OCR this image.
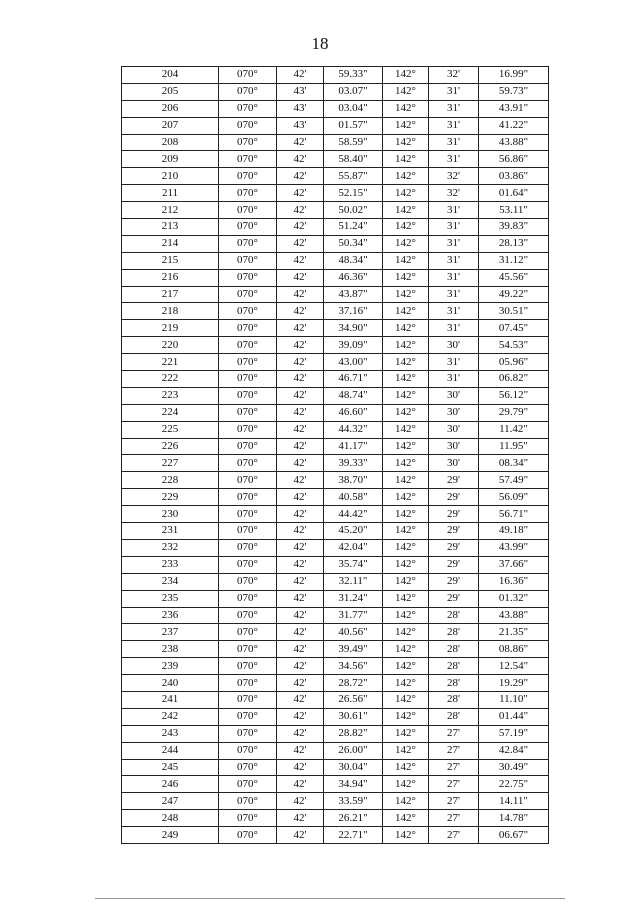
18
204	070°	42'	59.33"	142°	32'	16.99"
205	070°	43'	03.07"	142°	31'	59.73"
206	070°	43'	03.04"	142°	31'	43.91"
207	070°	43'	01.57"	142°	31'	41.22"
208	070°	42'	58.59"	142°	31'	43.88"
209	070°	42'	58.40"	142°	31'	56.86"
210	070°	42'	55.87"	142°	32'	03.86"
211	070°	42'	52.15"	142°	32'	01.64"
212	070°	42'	50.02"	142°	31'	53.11"
213	070°	42'	51.24"	142°	31'	39.83"
214	070°	42'	50.34"	142°	31'	28.13"
215	070°	42'	48.34"	142°	31'	31.12"
216	070°	42'	46.36"	142°	31'	45.56"
217	070°	42'	43.87"	142°	31'	49.22"
218	070°	42'	37.16"	142°	31'	30.51"
219	070°	42'	34.90"	142°	31'	07.45"
220	070°	42'	39.09"	142°	30'	54.53"
221	070°	42'	43.00"	142°	31'	05.96"
222	070°	42'	46.71"	142°	31'	06.82"
223	070°	42'	48.74"	142°	30'	56.12"
224	070°	42'	46.60"	142°	30'	29.79"
225	070°	42'	44.32"	142°	30'	11.42"
226	070°	42'	41.17"	142°	30'	11.95"
227	070°	42'	39.33"	142°	30'	08.34"
228	070°	42'	38.70"	142°	29'	57.49"
229	070°	42'	40.58"	142°	29'	56.09"
230	070°	42'	44.42"	142°	29'	56.71"
231	070°	42'	45.20"	142°	29'	49.18"
232	070°	42'	42.04"	142°	29'	43.99"
233	070°	42'	35.74"	142°	29'	37.66"
234	070°	42'	32.11"	142°	29'	16.36"
235	070°	42'	31.24"	142°	29'	01.32"
236	070°	42'	31.77"	142°	28'	43.88"
237	070°	42'	40.56"	142°	28'	21.35"
238	070°	42'	39.49"	142°	28'	08.86"
239	070°	42'	34.56"	142°	28'	12.54"
240	070°	42'	28.72"	142°	28'	19.29"
241	070°	42'	26.56"	142°	28'	11.10"
242	070°	42'	30.61"	142°	28'	01.44"
243	070°	42'	28.82"	142°	27'	57.19"
244	070°	42'	26.00"	142°	27'	42.84"
245	070°	42'	30.04"	142°	27'	30.49"
246	070°	42'	34.94"	142°	27'	22.75"
247	070°	42'	33.59"	142°	27'	14.11"
248	070°	42'	26.21"	142°	27'	14.78"
249	070°	42'	22.71"	142°	27'	06.67"
